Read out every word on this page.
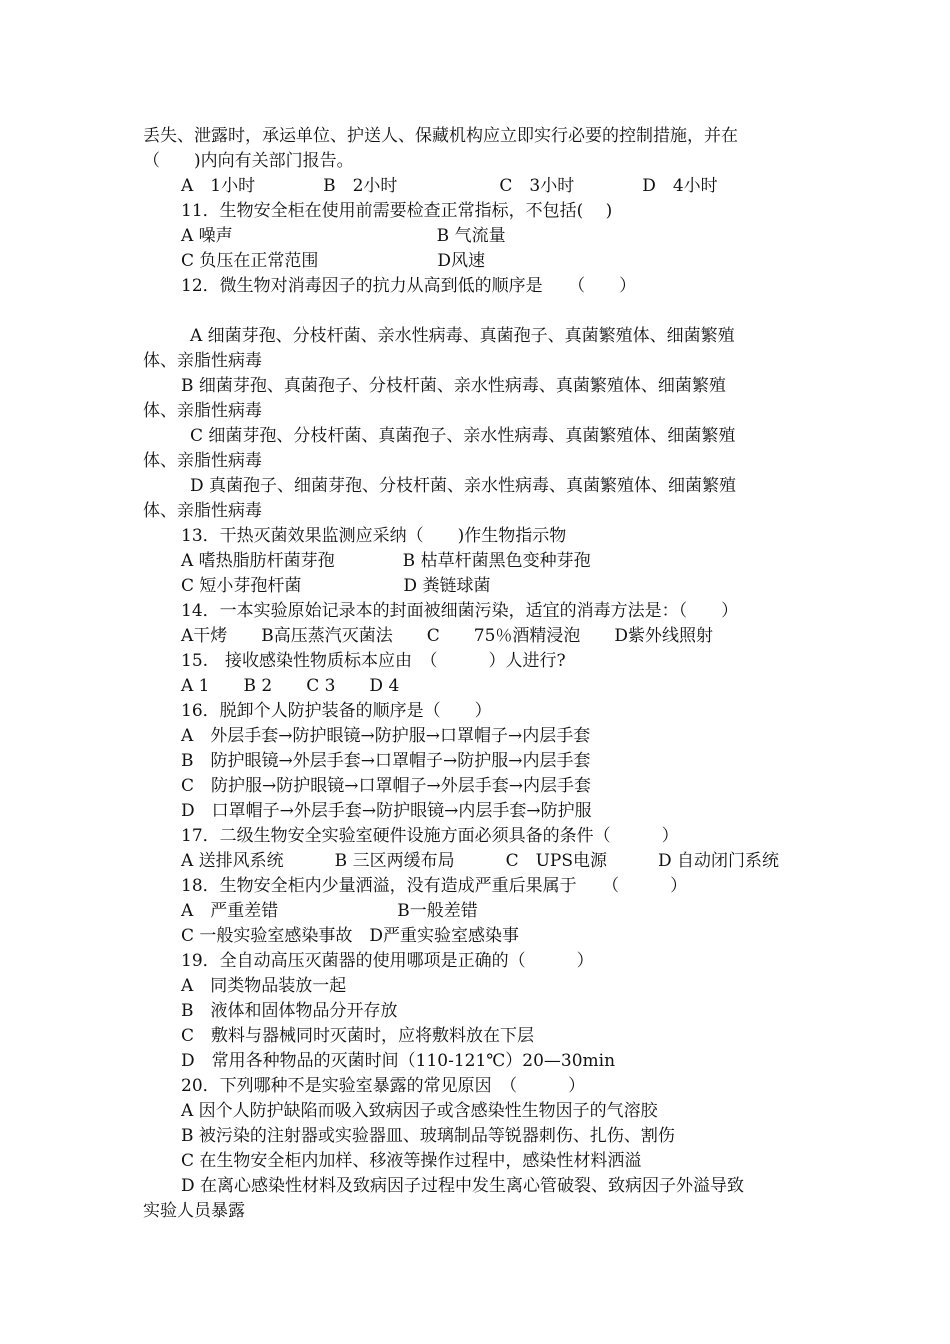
丢失、泄露时，承运单位、护送人、保藏机构应立即实行必要的控制措施，并在
（　　)内向有关部门报告。
A　1小时　　　　B　2小时　　　　　　C　3小时　　　　D　4小时
11．生物安全柜在使用前需要检查正常指标，不包括(　 )
A 噪声　　　　　　　　　　　　B 气流量
C 负压在正常范围　　　　　　　D风速
12．微生物对消毒因子的抗力从高到低的顺序是　　（　　）
A 细菌芽孢、分枝杆菌、亲水性病毒、真菌孢子、真菌繁殖体、细菌繁殖
体、亲脂性病毒
B 细菌芽孢、真菌孢子、分枝杆菌、亲水性病毒、真菌繁殖体、细菌繁殖
体、亲脂性病毒
C 细菌芽孢、分枝杆菌、真菌孢子、亲水性病毒、真菌繁殖体、细菌繁殖
体、亲脂性病毒
D 真菌孢子、细菌芽孢、分枝杆菌、亲水性病毒、真菌繁殖体、细菌繁殖
体、亲脂性病毒
13．干热灭菌效果监测应采纳（　　)作生物指示物
A 嗜热脂肪杆菌芽孢　　　　B 枯草杆菌黑色变种芽孢
C 短小芽孢杆菌　　　　　　D 粪链球菌
14．一本实验原始记录本的封面被细菌污染，适宜的消毒方法是：（　　）
A干烤　　B高压蒸汽灭菌法　　C　　75％酒精浸泡　　D紫外线照射
15.　接收感染性物质标本应由　（　　　）人进行?
A 1　　B 2　　C 3　　D 4
16．脱卸个人防护装备的顺序是（　　）
A　外层手套→防护眼镜→防护服→口罩帽子→内层手套
B　防护眼镜→外层手套→口罩帽子→防护服→内层手套
C　防护服→防护眼镜→口罩帽子→外层手套→内层手套
D　口罩帽子→外层手套→防护眼镜→内层手套→防护服
17．二级生物安全实验室硬件设施方面必须具备的条件（　　　）
A 送排风系统　　　B 三区两缓布局　　　C　UPS电源　　　D 自动闭门系统
18．生物安全柜内少量洒溢，没有造成严重后果属于　　（　　　）
A　严重差错　　　　　　　B一般差错
C 一般实验室感染事故　D严重实验室感染事
19．全自动高压灭菌器的使用哪项是正确的（　　　）
A　同类物品装放一起
B　液体和固体物品分开存放
C　敷料与器械同时灭菌时，应将敷料放在下层
D　常用各种物品的灭菌时间（110-121℃）20—30min
20．下列哪种不是实验室暴露的常见原因　（　　　）
A 因个人防护缺陷而吸入致病因子或含感染性生物因子的气溶胶
B 被污染的注射器或实验器皿、玻璃制品等锐器刺伤、扎伤、割伤
C 在生物安全柜内加样、移液等操作过程中，感染性材料洒溢
D 在离心感染性材料及致病因子过程中发生离心管破裂、致病因子外溢导致
实验人员暴露
